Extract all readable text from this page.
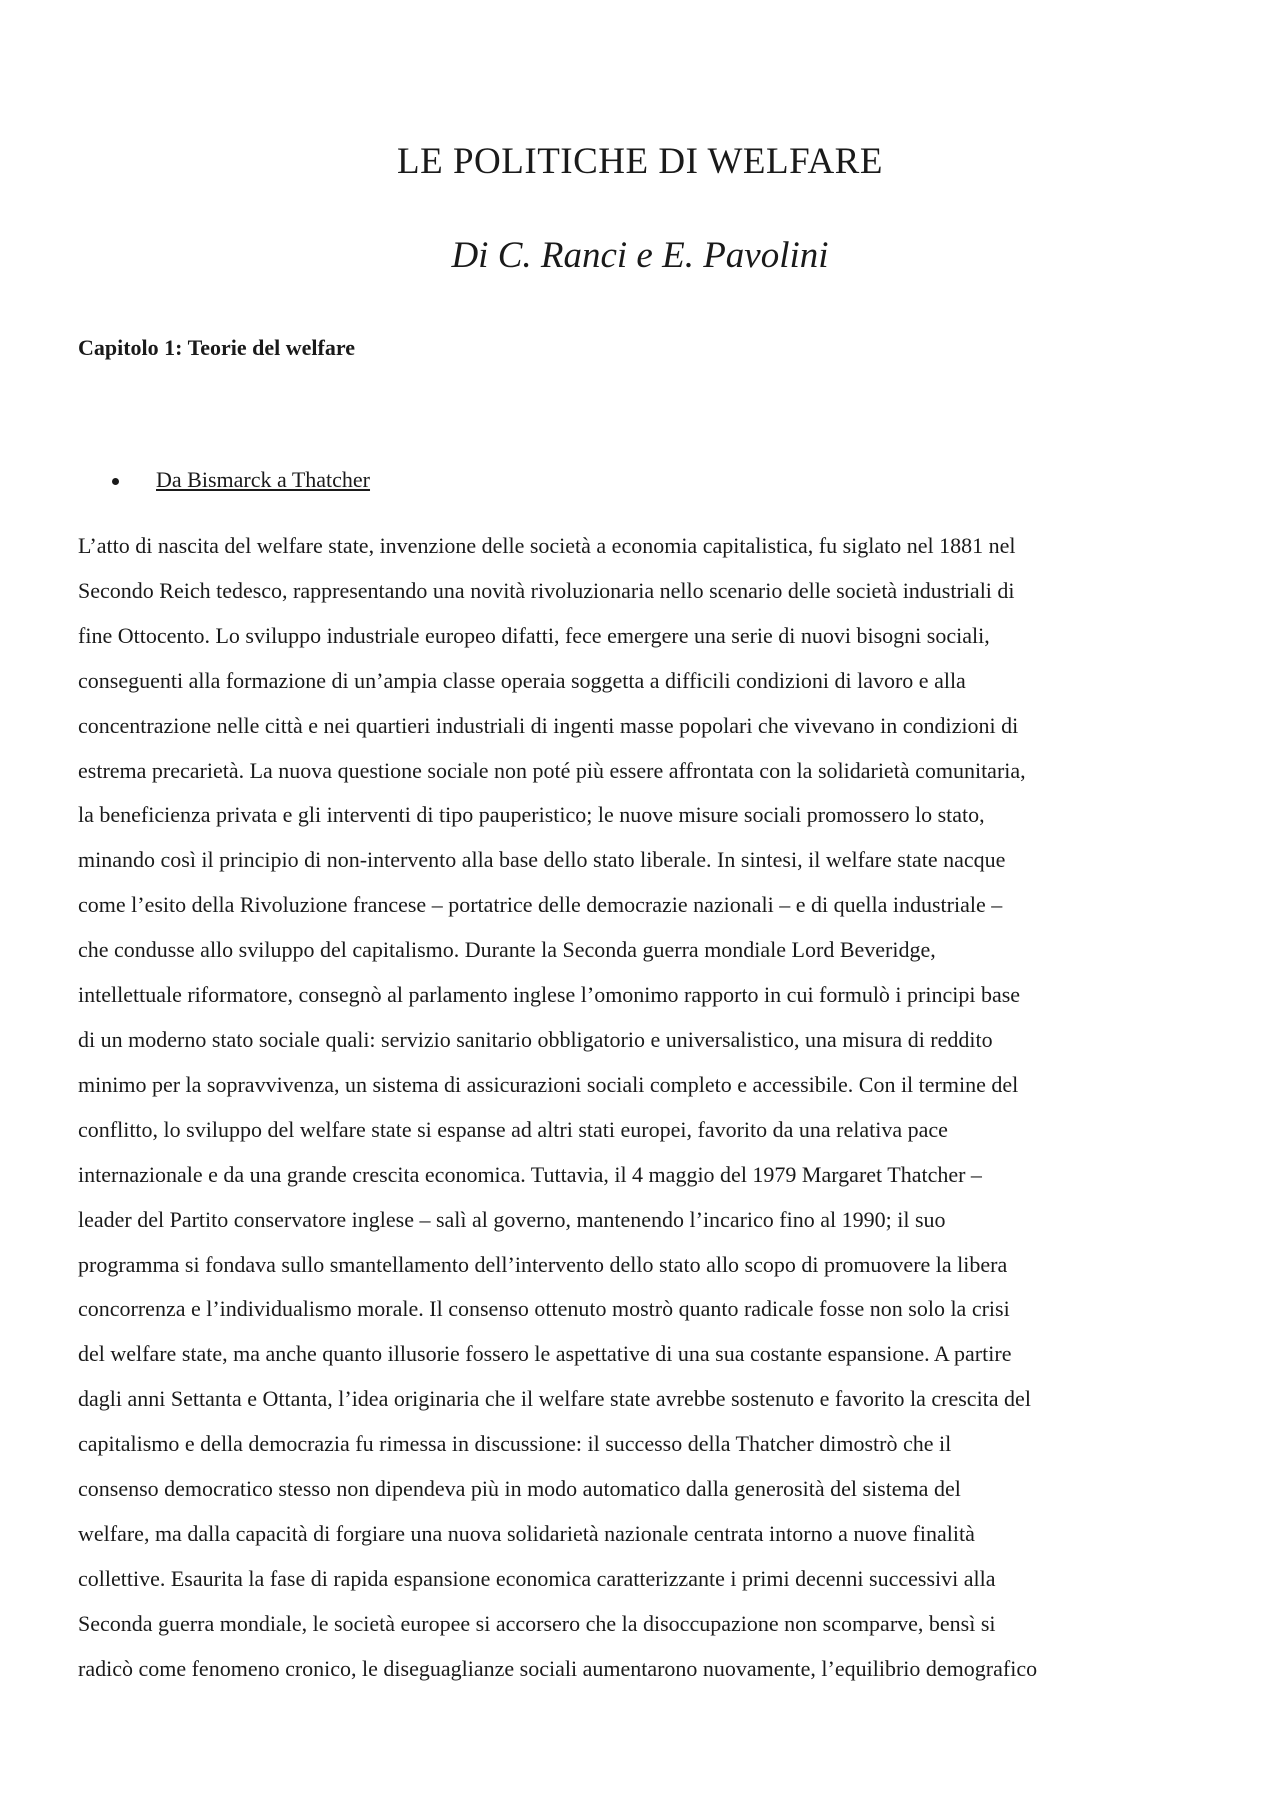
LE POLITICHE DI WELFARE
Di C. Ranci e E. Pavolini
Capitolo 1: Teorie del welfare
Da Bismarck a Thatcher

L’atto di nascita del welfare state, invenzione delle società a economia capitalistica, fu siglato nel 1881 nel
Secondo Reich tedesco, rappresentando una novità rivoluzionaria nello scenario delle società industriali di
fine Ottocento. Lo sviluppo industriale europeo difatti, fece emergere una serie di nuovi bisogni sociali,
conseguenti alla formazione di un’ampia classe operaia soggetta a difficili condizioni di lavoro e alla
concentrazione nelle città e nei quartieri industriali di ingenti masse popolari che vivevano in condizioni di
estrema precarietà. La nuova questione sociale non poté più essere affrontata con la solidarietà comunitaria,
la beneficienza privata e gli interventi di tipo pauperistico; le nuove misure sociali promossero lo stato,
minando così il principio di non-intervento alla base dello stato liberale. In sintesi, il welfare state nacque
come l’esito della Rivoluzione francese – portatrice delle democrazie nazionali – e di quella industriale –
che condusse allo sviluppo del capitalismo. Durante la Seconda guerra mondiale Lord Beveridge,
intellettuale riformatore, consegnò al parlamento inglese l’omonimo rapporto in cui formulò i principi base
di un moderno stato sociale quali: servizio sanitario obbligatorio e universalistico, una misura di reddito
minimo per la sopravvivenza, un sistema di assicurazioni sociali completo e accessibile. Con il termine del
conflitto, lo sviluppo del welfare state si espanse ad altri stati europei, favorito da una relativa pace
internazionale e da una grande crescita economica. Tuttavia, il 4 maggio del 1979 Margaret Thatcher –
leader del Partito conservatore inglese – salì al governo, mantenendo l’incarico fino al 1990; il suo
programma si fondava sullo smantellamento dell’intervento dello stato allo scopo di promuovere la libera
concorrenza e l’individualismo morale. Il consenso ottenuto mostrò quanto radicale fosse non solo la crisi
del welfare state, ma anche quanto illusorie fossero le aspettative di una sua costante espansione. A partire
dagli anni Settanta e Ottanta, l’idea originaria che il welfare state avrebbe sostenuto e favorito la crescita del
capitalismo e della democrazia fu rimessa in discussione: il successo della Thatcher dimostrò che il
consenso democratico stesso non dipendeva più in modo automatico dalla generosità del sistema del
welfare, ma dalla capacità di forgiare una nuova solidarietà nazionale centrata intorno a nuove finalità
collettive. Esaurita la fase di rapida espansione economica caratterizzante i primi decenni successivi alla
Seconda guerra mondiale, le società europee si accorsero che la disoccupazione non scomparve, bensì si
radicò come fenomeno cronico, le diseguaglianze sociali aumentarono nuovamente, l’equilibrio demografico
